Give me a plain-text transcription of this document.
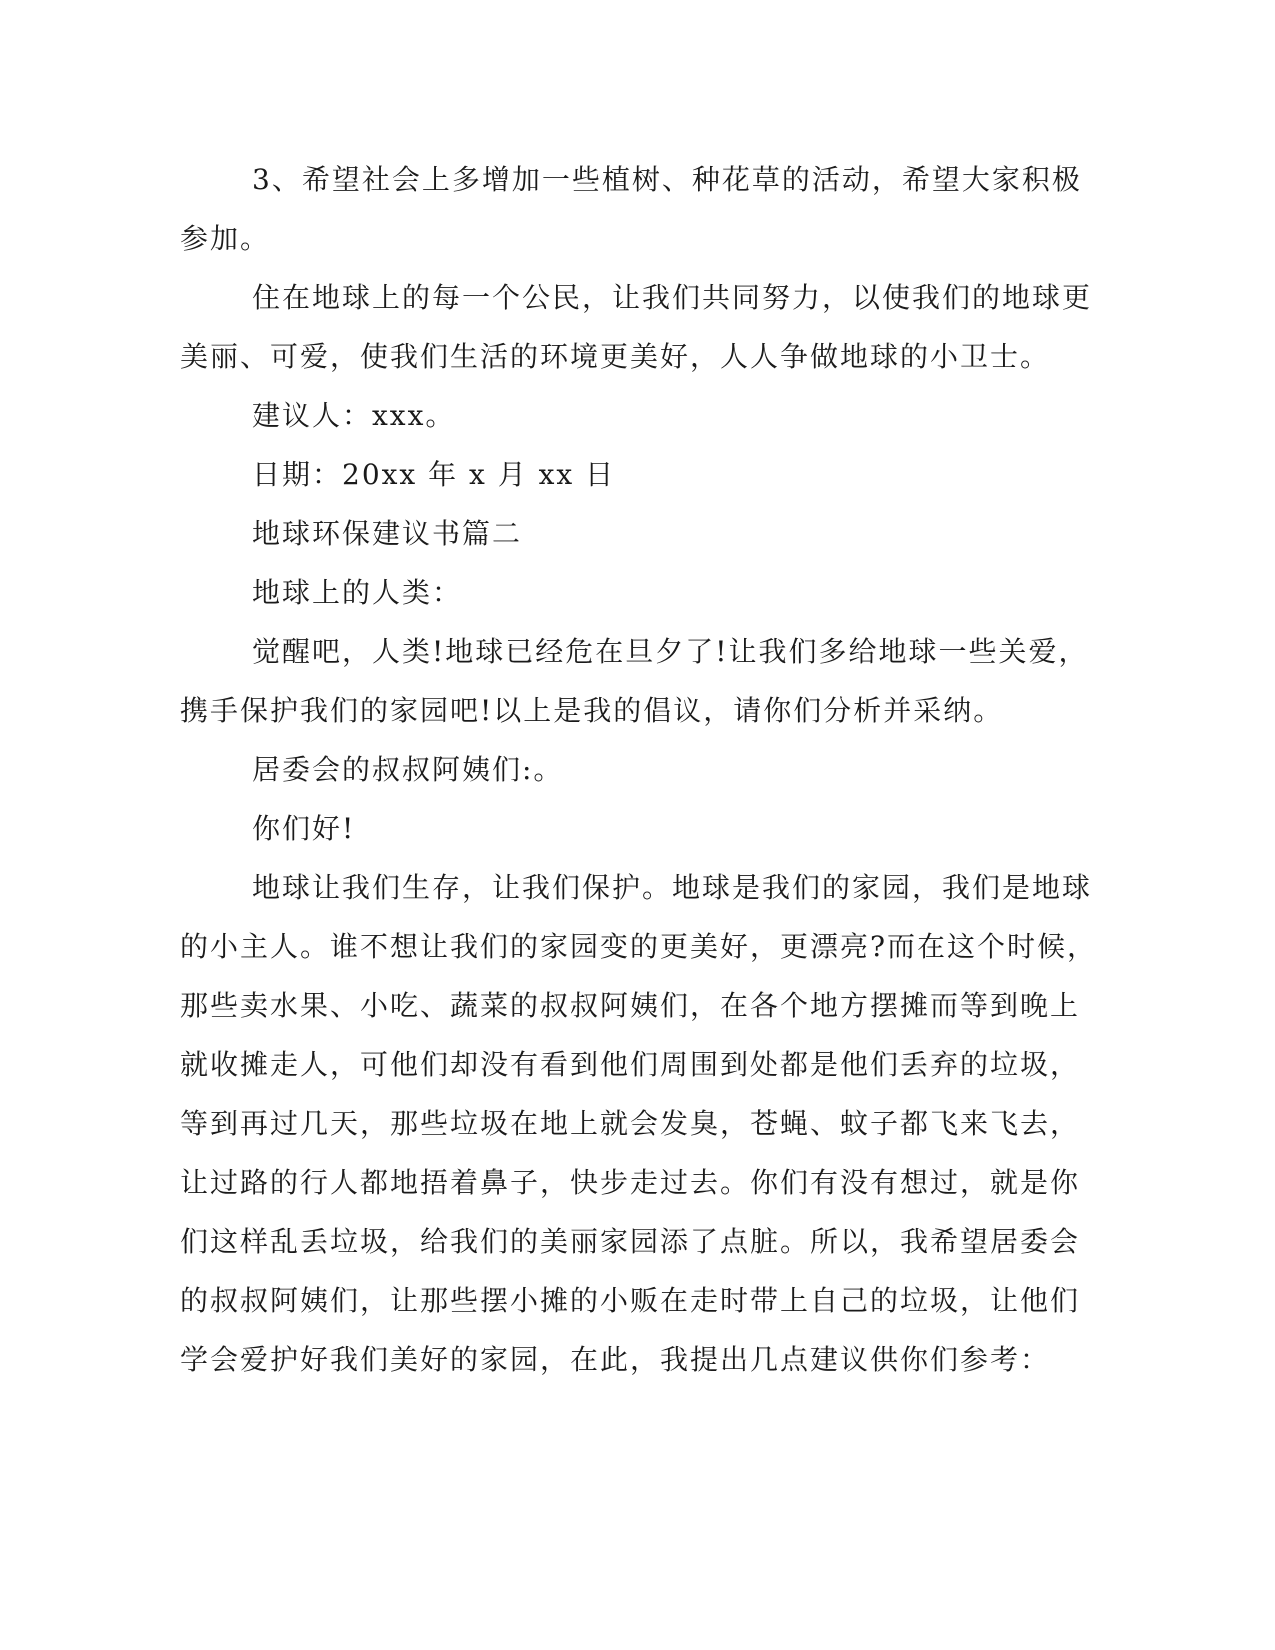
3、希望社会上多增加一些植树、种花草的活动，希望大家积极
参加。
住在地球上的每一个公民，让我们共同努力，以使我们的地球更
美丽、可爱，使我们生活的环境更美好，人人争做地球的小卫士。
建议人：xxx。
日期：20xx 年 x 月 xx 日
地球环保建议书篇二
地球上的人类：
觉醒吧，人类!地球已经危在旦夕了!让我们多给地球一些关爱，
携手保护我们的家园吧!以上是我的倡议，请你们分析并采纳。
居委会的叔叔阿姨们:。
你们好!
地球让我们生存，让我们保护。地球是我们的家园，我们是地球
的小主人。谁不想让我们的家园变的更美好，更漂亮?而在这个时候，
那些卖水果、小吃、蔬菜的叔叔阿姨们，在各个地方摆摊而等到晚上
就收摊走人，可他们却没有看到他们周围到处都是他们丢弃的垃圾，
等到再过几天，那些垃圾在地上就会发臭，苍蝇、蚊子都飞来飞去，
让过路的行人都地捂着鼻子，快步走过去。你们有没有想过，就是你
们这样乱丢垃圾，给我们的美丽家园添了点脏。所以，我希望居委会
的叔叔阿姨们，让那些摆小摊的小贩在走时带上自己的垃圾，让他们
学会爱护好我们美好的家园，在此，我提出几点建议供你们参考：
